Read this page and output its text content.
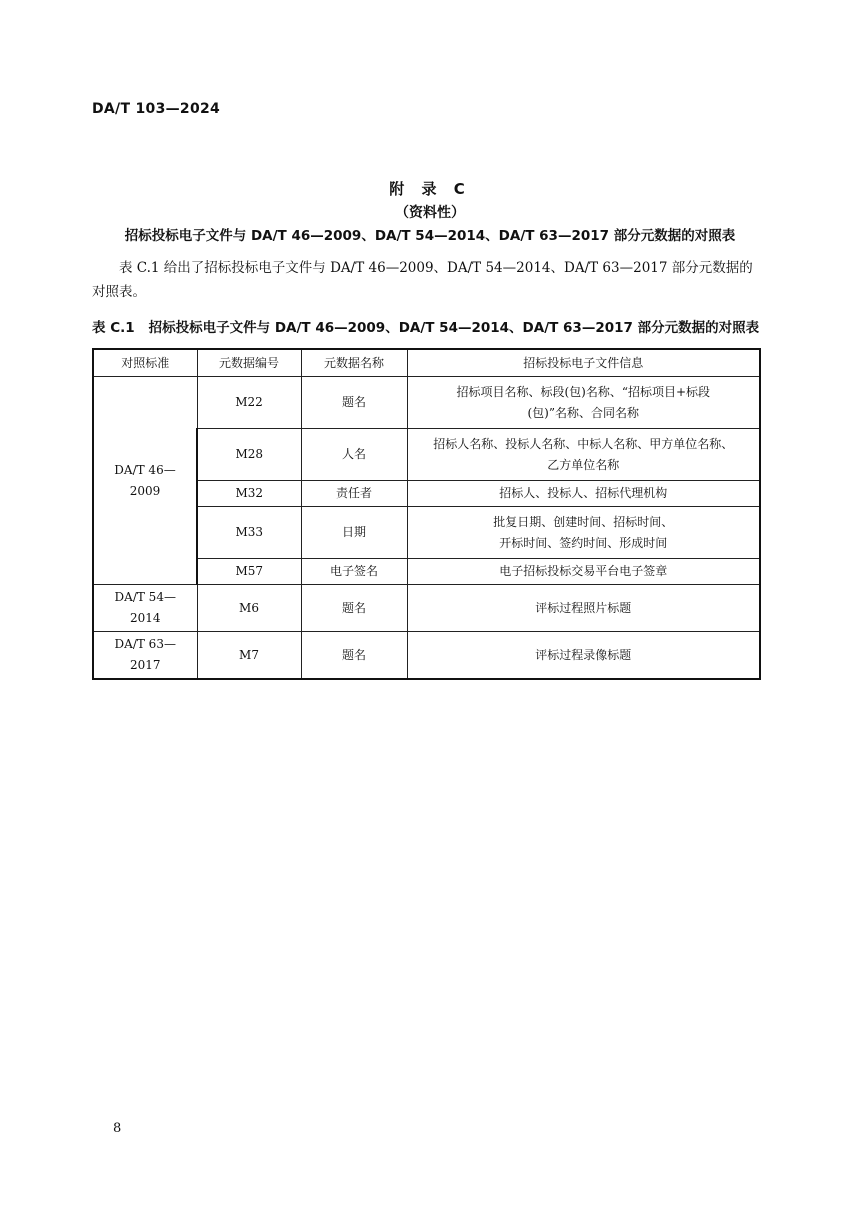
DA/T 103—2024
附 录 C
（资料性）
招标投标电子文件与 DA/T 46—2009、DA/T 54—2014、DA/T 63—2017 部分元数据的对照表
表 C.1 给出了招标投标电子文件与 DA/T 46—2009、DA/T 54—2014、DA/T 63—2017 部分元数据的对照表。
表 C.1 招标投标电子文件与 DA/T 46—2009、DA/T 54—2014、DA/T 63—2017 部分元数据的对照表
对照标准	元数据编号	元数据名称	招标投标电子文件信息
DA/T 46—2009	M22	题名	招标项目名称、标段(包)名称、“招标项目+标段
(包)”名称、合同名称

	M28	人名	招标人名称、投标人名称、中标人名称、甲方单位名称、
乙方单位名称

	M32	责任者	招标人、投标人、招标代理机构
	M33	日期	批复日期、创建时间、招标时间、
开标时间、签约时间、形成时间

	M57	电子签名	电子招标投标交易平台电子签章
DA/T 54—2014	M6	题名	评标过程照片标题
DA/T 63—2017	M7	题名	评标过程录像标题
8
